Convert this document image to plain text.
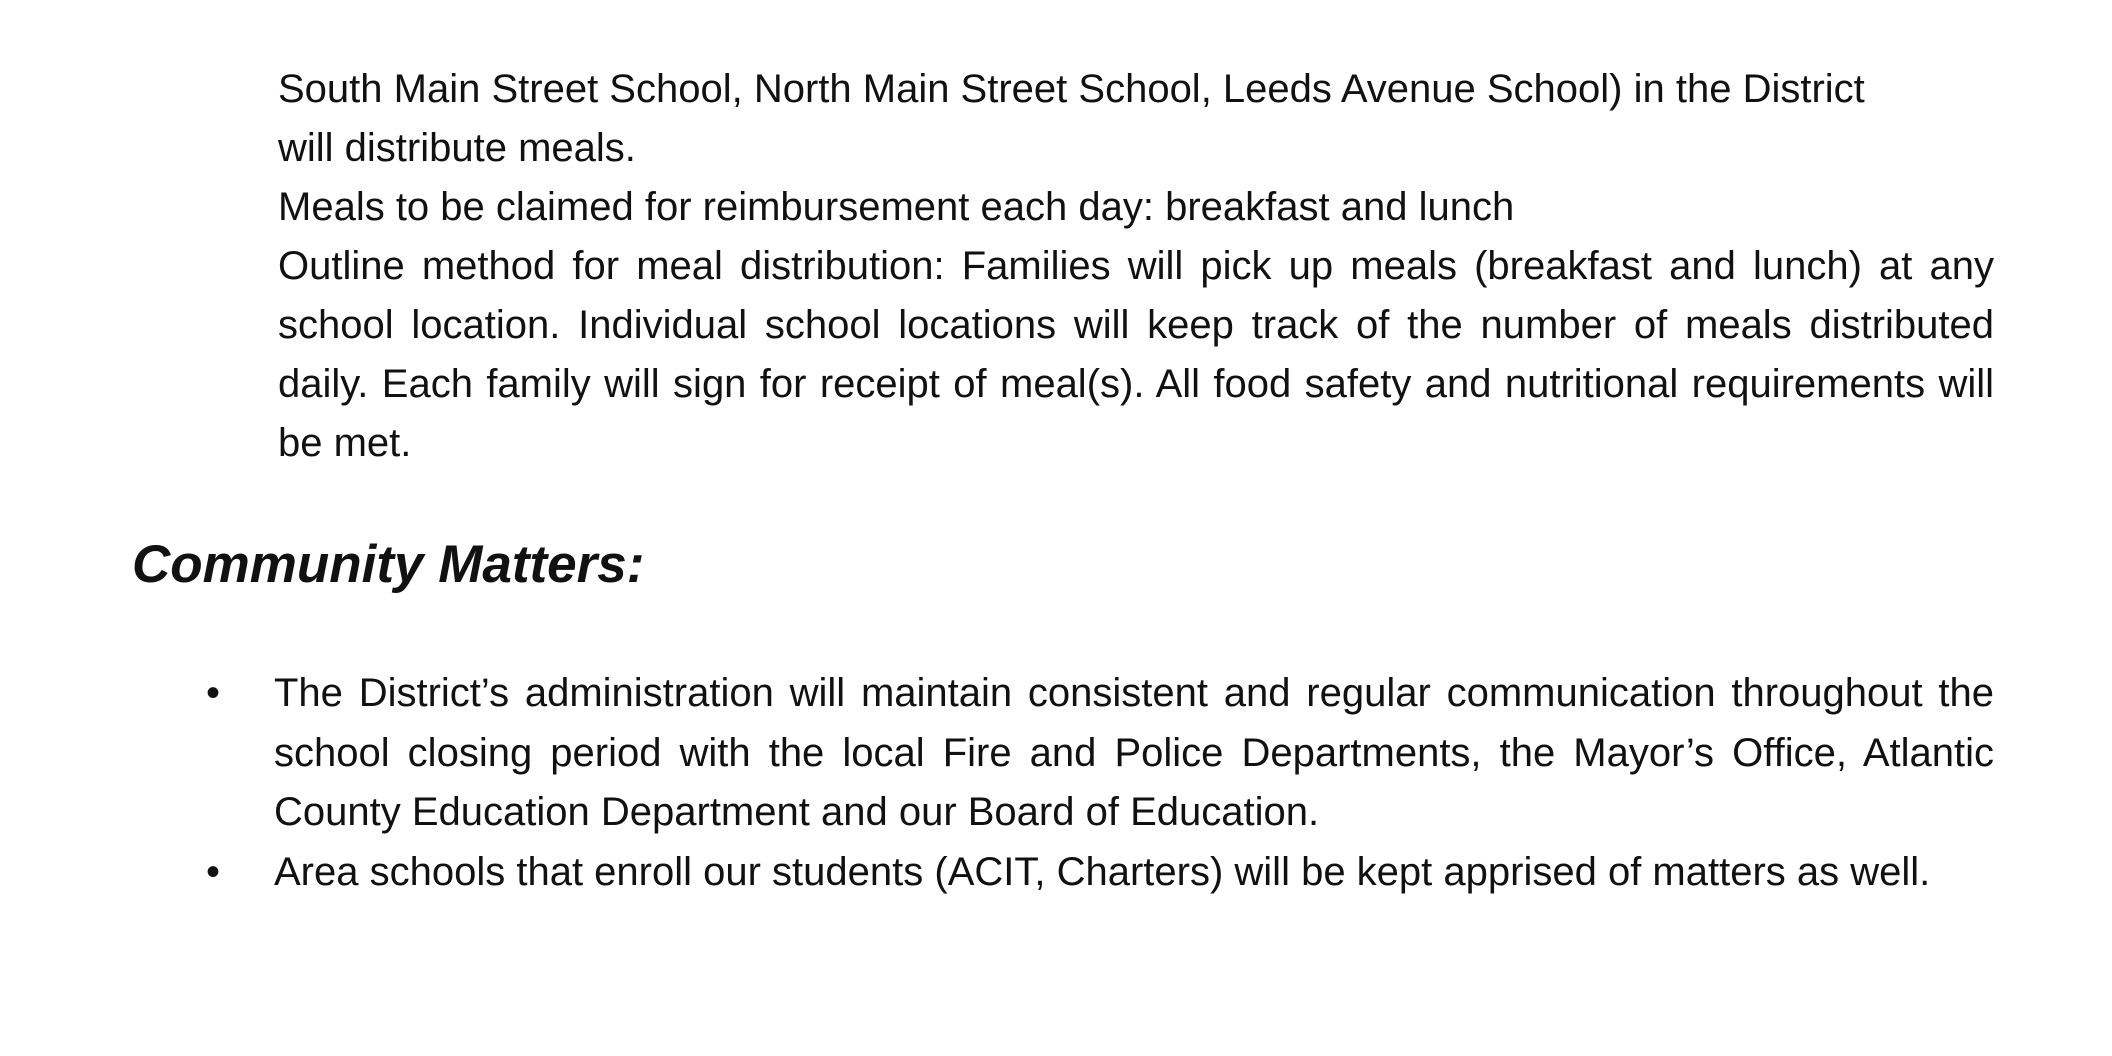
South Main Street School, North Main Street School, Leeds Avenue School) in the District

will distribute meals.

Meals to be claimed for reimbursement each day: breakfast and lunch

Outline method for meal distribution: Families will pick up meals (breakfast and lunch) at any school location. Individual school locations will keep track of the number of meals distributed daily. Each family will sign for receipt of meal(s). All food safety and nutritional requirements will be met.

Community Matters:
• The District’s administration will maintain consistent and regular communication throughout the school closing period with the local Fire and Police Departments, the Mayor’s Office, Atlantic County Education Department and our Board of Education.
• Area schools that enroll our students (ACIT, Charters) will be kept apprised of matters as well.
